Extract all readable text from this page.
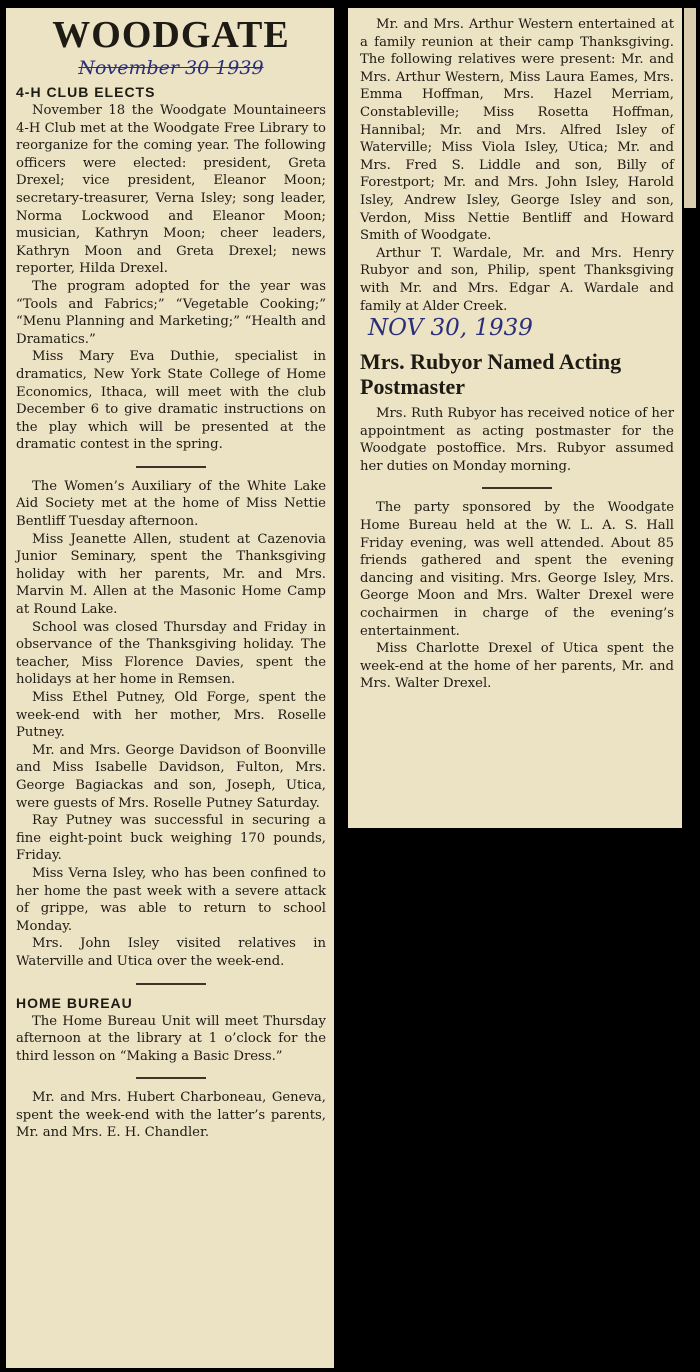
WOODGATE
November 30 1939
4-H CLUB ELECTS

November 18 the Woodgate Mountaineers 4-H Club met at the Woodgate Free Library to reorganize for the coming year. The following officers were elected: president, Greta Drexel; vice president, Eleanor Moon; secretary-treasurer, Verna Isley; song leader, Norma Lockwood and Eleanor Moon; musician, Kathryn Moon; cheer leaders, Kathryn Moon and Greta Drexel; news reporter, Hilda Drexel.

The program adopted for the year was “Tools and Fabrics;” “Vegetable Cooking;” “Menu Planning and Marketing;” “Health and Dramatics.”

Miss Mary Eva Duthie, specialist in dramatics, New York State College of Home Economics, Ithaca, will meet with the club December 6 to give dramatic instructions on the play which will be presented at the dramatic contest in the spring.

The Women’s Auxiliary of the White Lake Aid Society met at the home of Miss Nettie Bentliff Tuesday afternoon.

Miss Jeanette Allen, student at Cazenovia Junior Seminary, spent the Thanksgiving holiday with her parents, Mr. and Mrs. Marvin M. Allen at the Masonic Home Camp at Round Lake.

School was closed Thursday and Friday in observance of the Thanksgiving holiday. The teacher, Miss Florence Davies, spent the holidays at her home in Remsen.

Miss Ethel Putney, Old Forge, spent the week-end with her mother, Mrs. Roselle Putney.

Mr. and Mrs. George Davidson of Boonville and Miss Isabelle Davidson, Fulton, Mrs. George Bagiackas and son, Joseph, Utica, were guests of Mrs. Roselle Putney Saturday.

Ray Putney was successful in securing a fine eight-point buck weighing 170 pounds, Friday.

Miss Verna Isley, who has been confined to her home the past week with a severe attack of grippe, was able to return to school Monday.

Mrs. John Isley visited relatives in Waterville and Utica over the week-end.

HOME BUREAU

The Home Bureau Unit will meet Thursday afternoon at the library at 1 o’clock for the third lesson on “Making a Basic Dress.”

Mr. and Mrs. Hubert Charboneau, Geneva, spent the week-end with the latter’s parents, Mr. and Mrs. E. H. Chandler.

Mr. and Mrs. Arthur Western entertained at a family reunion at their camp Thanksgiving. The following relatives were present: Mr. and Mrs. Arthur Western, Miss Laura Eames, Mrs. Emma Hoffman, Mrs. Hazel Merriam, Constableville; Miss Rosetta Hoffman, Hannibal; Mr. and Mrs. Alfred Isley of Waterville; Miss Viola Isley, Utica; Mr. and Mrs. Fred S. Liddle and son, Billy of Forestport; Mr. and Mrs. John Isley, Harold Isley, Andrew Isley, George Isley and son, Verdon, Miss Nettie Bentliff and Howard Smith of Woodgate.

Arthur T. Wardale, Mr. and Mrs. Henry Rubyor and son, Philip, spent Thanksgiving with Mr. and Mrs. Edgar A. Wardale and family at Alder Creek.

NOV 30, 1939
Mrs. Rubyor Named Acting Postmaster

Mrs. Ruth Rubyor has received notice of her appointment as acting postmaster for the Woodgate postoffice. Mrs. Rubyor assumed her duties on Monday morning.

The party sponsored by the Woodgate Home Bureau held at the W. L. A. S. Hall Friday evening, was well attended. About 85 friends gathered and spent the evening dancing and visiting. Mrs. George Isley, Mrs. George Moon and Mrs. Walter Drexel were cochairmen in charge of the evening’s entertainment.

Miss Charlotte Drexel of Utica spent the week-end at the home of her parents, Mr. and Mrs. Walter Drexel.
